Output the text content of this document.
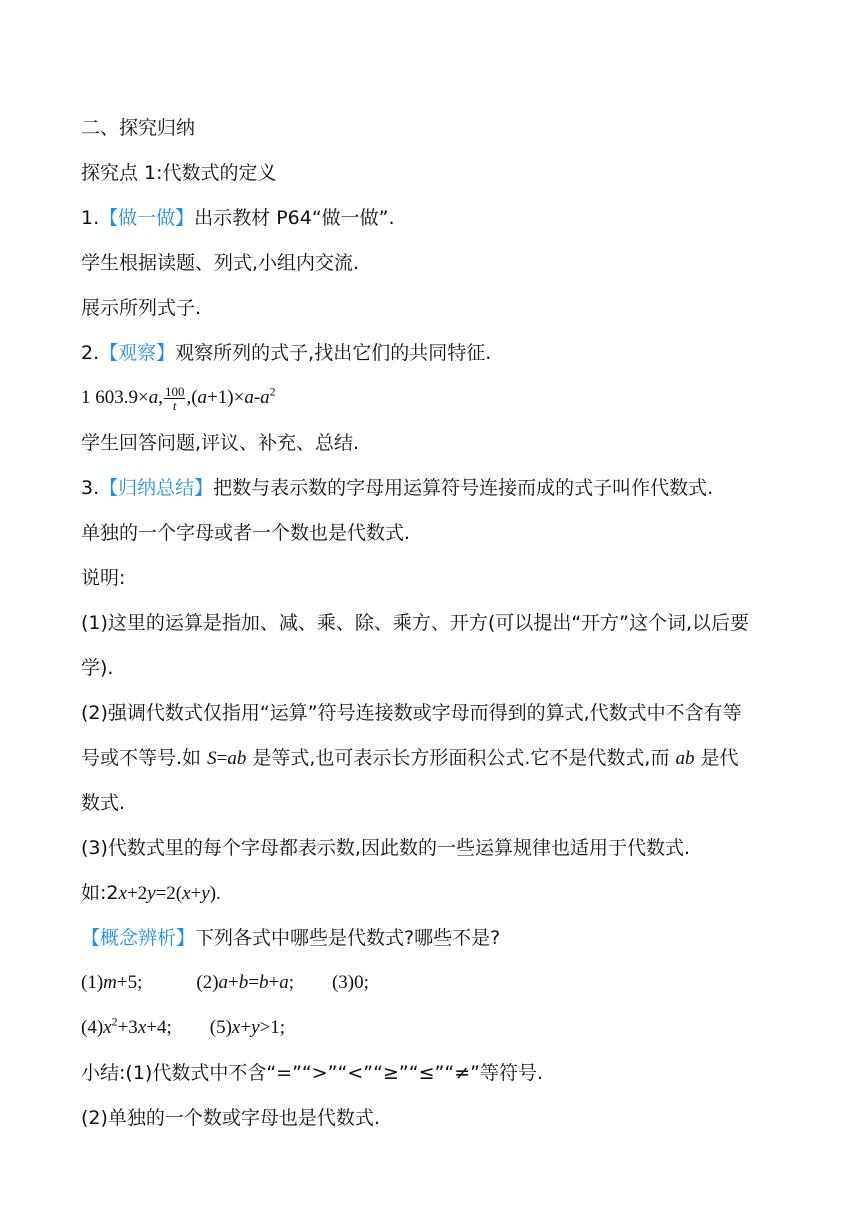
二、探究归纳
探究点 1:代数式的定义
1.【做一做】出示教材 P64“做一做”.
学生根据读题、列式,小组内交流.
展示所列式子.
2.【观察】观察所列的式子,找出它们的共同特征.
1 603.9×a, $\frac{100}{t} ,(a+1)\times a-a^2$
学生回答问题,评议、补充、总结.
3.【归纳总结】把数与表示数的字母用运算符号连接而成的式子叫作代数式.
单独的一个字母或者一个数也是代数式.
说明:
(1)这里的运算是指加、减、乘、除、乘方、开方(可以提出“开方”这个词,以后要
学).
(2)强调代数式仅指用“运算”符号连接数或字母而得到的算式,代数式中不含有等
号或不等号.如 S=ab 是等式,也可表示长方形面积公式.它不是代数式,而 ab 是代
数式.
(3)代数式里的每个字母都表示数,因此数的一些运算规律也适用于代数式.
如:2x+2y=2(x+y).
【概念辨析】下列各式中哪些是代数式?哪些不是?
(1)m+5;	(2)a+b=b+a; (3)0;
$(4)x^2+3x+4$; (5)x+y>1;
小结:(1)代数式中不含“=”“>”“<”“≥”“≤”“≠”等符号.
(2)单独的一个数或字母也是代数式.
